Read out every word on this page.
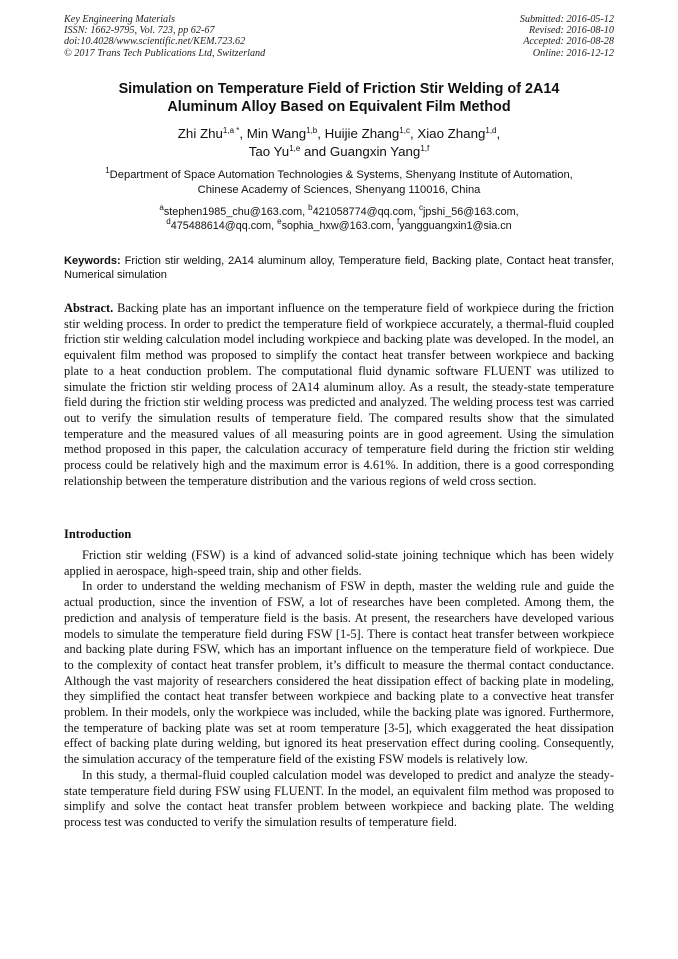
Key Engineering Materials
ISSN: 1662-9795, Vol. 723, pp 62-67
doi:10.4028/www.scientific.net/KEM.723.62
© 2017 Trans Tech Publications Ltd, Switzerland
Submitted: 2016-05-12
Revised: 2016-08-10
Accepted: 2016-08-28
Online: 2016-12-12
Simulation on Temperature Field of Friction Stir Welding of 2A14
Aluminum Alloy Based on Equivalent Film Method
Zhi Zhu$^{1,a *}$, Min Wang$^{1,b}$, Huijie Zhang$^{1,c}$, Xiao Zhang$^{1,d}$,
Tao Yu$^{1,e}$ and Guangxin Yang$^{1,f}$
$^1$Department of Space Automation Technologies & Systems, Shenyang Institute of Automation,
Chinese Academy of Sciences, Shenyang 110016, China
$^a$stephen1985_chu@163.com, $^b$421058774@qq.com, $^c$jpshi_56@163.com,
$^d$475488614@qq.com, $^e$sophia_hxw@163.com, $^f$yangguangxin1@sia.cn
Keywords: Friction stir welding, 2A14 aluminum alloy, Temperature field, Backing plate, Contact heat transfer, Numerical simulation
Abstract. Backing plate has an important influence on the temperature field of workpiece during the friction stir welding process. In order to predict the temperature field of workpiece accurately, a thermal-fluid coupled friction stir welding calculation model including workpiece and backing plate was developed. In the model, an equivalent film method was proposed to simplify the contact heat transfer between workpiece and backing plate to a heat conduction problem. The computational fluid dynamic software FLUENT was utilized to simulate the friction stir welding process of 2A14 aluminum alloy. As a result, the steady-state temperature field during the friction stir welding process was predicted and analyzed. The welding process test was carried out to verify the simulation results of temperature field. The compared results show that the simulated temperature and the measured values of all measuring points are in good agreement. Using the simulation method proposed in this paper, the calculation accuracy of temperature field during the friction stir welding process could be relatively high and the maximum error is 4.61%. In addition, there is a good corresponding relationship between the temperature distribution and the various regions of weld cross section.
Introduction

Friction stir welding (FSW) is a kind of advanced solid-state joining technique which has been widely applied in aerospace, high-speed train, ship and other fields.

In order to understand the welding mechanism of FSW in depth, master the welding rule and guide the actual production, since the invention of FSW, a lot of researches have been completed. Among them, the prediction and analysis of temperature field is the basis. At present, the researchers have developed various models to simulate the temperature field during FSW [1-5]. There is contact heat transfer between workpiece and backing plate during FSW, which has an important influence on the temperature field of workpiece. Due to the complexity of contact heat transfer problem, it’s difficult to measure the thermal contact conductance. Although the vast majority of researchers considered the heat dissipation effect of backing plate in modeling, they simplified the contact heat transfer between workpiece and backing plate to a convective heat transfer problem. In their models, only the workpiece was included, while the backing plate was ignored. Furthermore, the temperature of backing plate was set at room temperature [3-5], which exaggerated the heat dissipation effect of backing plate during welding, but ignored its heat preservation effect during cooling. Consequently, the simulation accuracy of the temperature field of the existing FSW models is relatively low.

In this study, a thermal-fluid coupled calculation model was developed to predict and analyze the steady-state temperature field during FSW using FLUENT. In the model, an equivalent film method was proposed to simplify and solve the contact heat transfer problem between workpiece and backing plate. The welding process test was conducted to verify the simulation results of temperature field.
